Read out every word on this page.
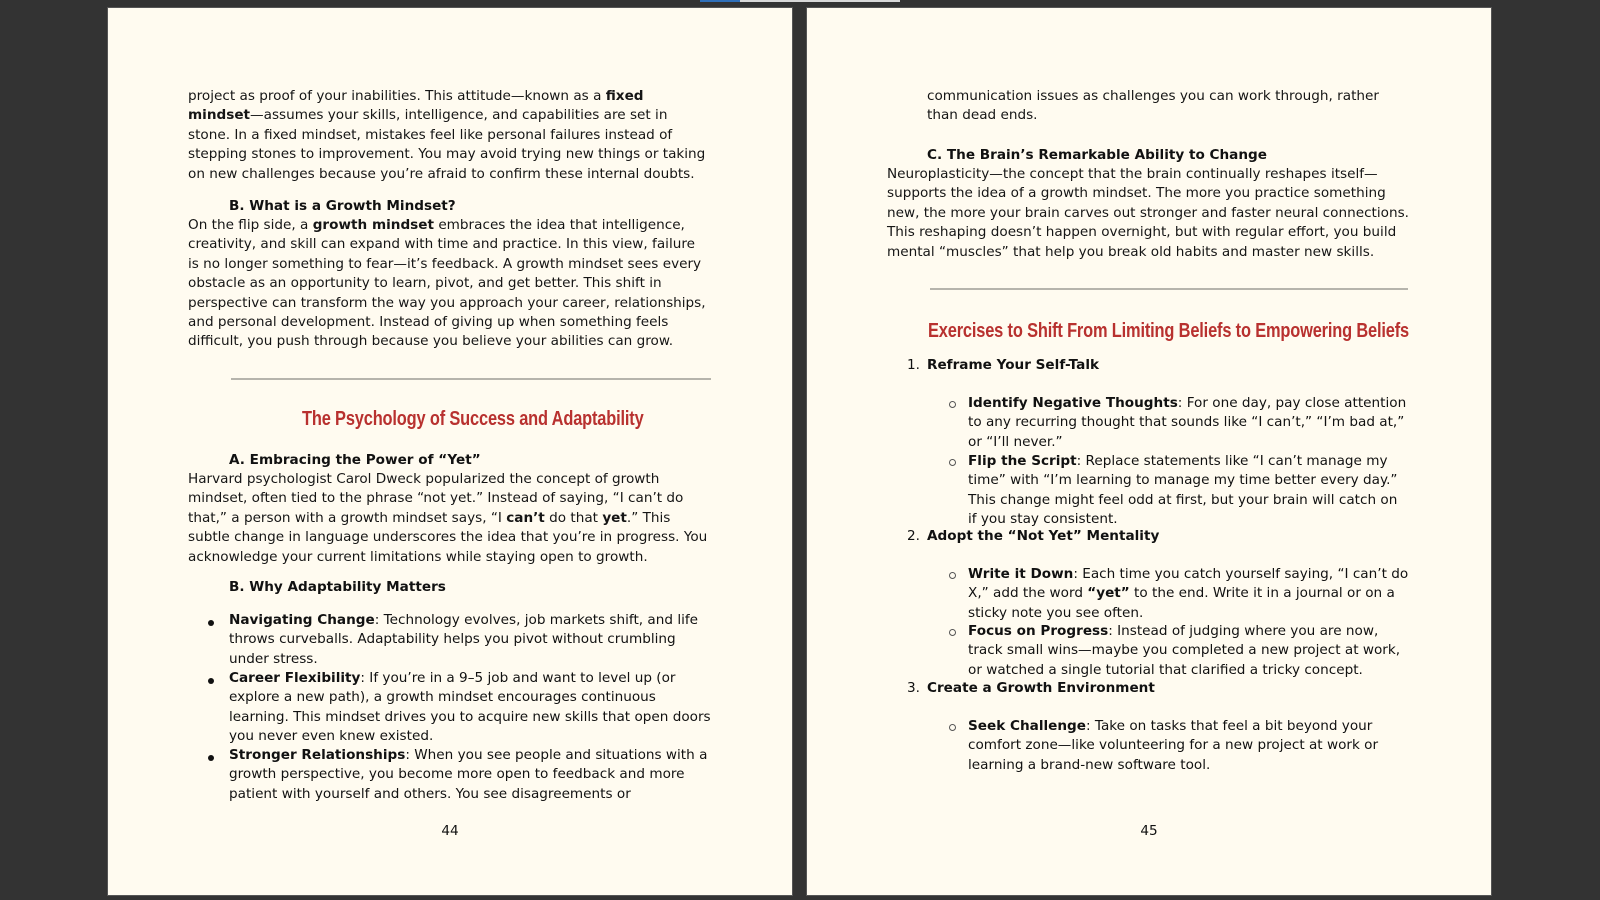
project as proof of your inabilities. This attitude—known as a fixed mindset—assumes your skills, intelligence, and capabilities are set in stone. In a fixed mindset, mistakes feel like personal failures instead of stepping stones to improvement. You may avoid trying new things or taking on new challenges because you’re afraid to confirm these internal doubts.

B. What is a Growth Mindset?

On the flip side, a growth mindset embraces the idea that intelligence, creativity, and skill can expand with time and practice. In this view, failure is no longer something to fear—it’s feedback. A growth mindset sees every obstacle as an opportunity to learn, pivot, and get better. This shift in perspective can transform the way you approach your career, relationships, and personal development. Instead of giving up when something feels difficult, you push through because you believe your abilities can grow.

The Psychology of Success and Adaptability
A. Embracing the Power of “Yet”

Harvard psychologist Carol Dweck popularized the concept of growth mindset, often tied to the phrase “not yet.” Instead of saying, “I can’t do that,” a person with a growth mindset says, “I can’t do that yet.” This subtle change in language underscores the idea that you’re in progress. You acknowledge your current limitations while staying open to growth.

B. Why Adaptability Matters

Navigating Change: Technology evolves, job markets shift, and life throws curveballs. Adaptability helps you pivot without crumbling under stress.

Career Flexibility: If you’re in a 9–5 job and want to level up (or explore a new path), a growth mindset encourages continuous learning. This mindset drives you to acquire new skills that open doors you never even knew existed.

Stronger Relationships: When you see people and situations with a growth perspective, you become more open to feedback and more patient with yourself and others. You see disagreements or

44

communication issues as challenges you can work through, rather than dead ends.

C. The Brain’s Remarkable Ability to Change

Neuroplasticity—the concept that the brain continually reshapes itself—supports the idea of a growth mindset. The more you practice something new, the more your brain carves out stronger and faster neural connections. This reshaping doesn’t happen overnight, but with regular effort, you build mental “muscles” that help you break old habits and master new skills.

Exercises to Shift From Limiting Beliefs to Empowering Beliefs
1. Reframe Your Self-Talk

Identify Negative Thoughts: For one day, pay close attention to any recurring thought that sounds like “I can’t,” “I’m bad at,” or “I’ll never.”

Flip the Script: Replace statements like “I can’t manage my time” with “I’m learning to manage my time better every day.” This change might feel odd at first, but your brain will catch on if you stay consistent.

2. Adopt the “Not Yet” Mentality

Write it Down: Each time you catch yourself saying, “I can’t do X,” add the word “yet” to the end. Write it in a journal or on a sticky note you see often.

Focus on Progress: Instead of judging where you are now, track small wins—maybe you completed a new project at work, or watched a single tutorial that clarified a tricky concept.

3. Create a Growth Environment

Seek Challenge: Take on tasks that feel a bit beyond your comfort zone—like volunteering for a new project at work or learning a brand-new software tool.

45
